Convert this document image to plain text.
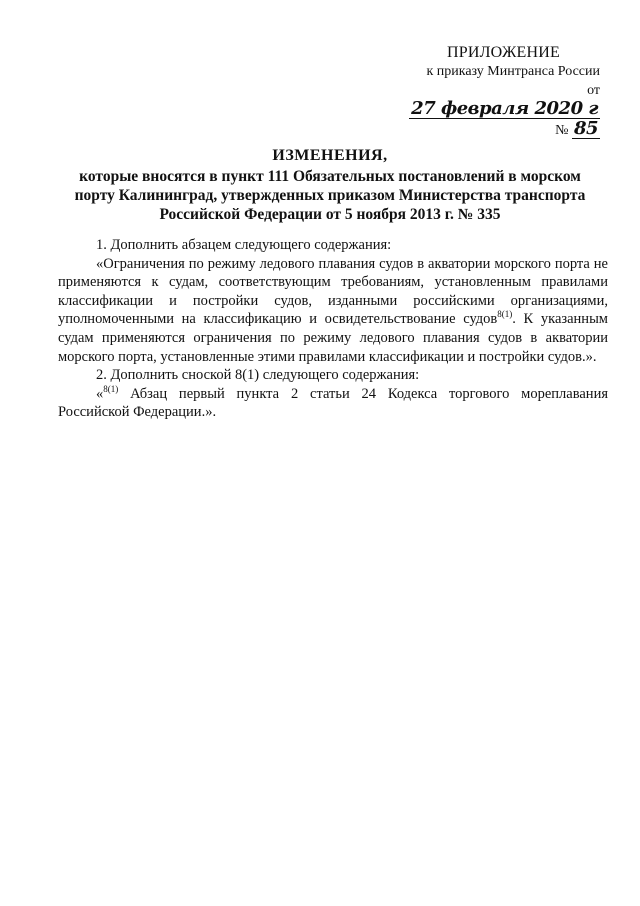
ПРИЛОЖЕНИЕ
к приказу Минтранса России
от 27 февраля 2020 г № 85
ИЗМЕНЕНИЯ,
которые вносятся в пункт 111 Обязательных постановлений в морском порту Калининград, утвержденных приказом Министерства транспорта Российской Федерации от 5 ноября 2013 г. № 335

1. Дополнить абзацем следующего содержания:

«Ограничения по режиму ледового плавания судов в акватории морского порта не применяются к судам, соответствующим требованиям, установленным правилами классификации и постройки судов, изданными российскими организациями, уполномоченными на классификацию и освидетельствование судов$^{8(1)}$. К указанным судам применяются ограничения по режиму ледового плавания судов в акватории морского порта, установленные этими правилами классификации и постройки судов.».

2. Дополнить сноской 8(1) следующего содержания:

«$^{8(1)}$ Абзац первый пункта 2 статьи 24 Кодекса торгового мореплавания Российской Федерации.».
